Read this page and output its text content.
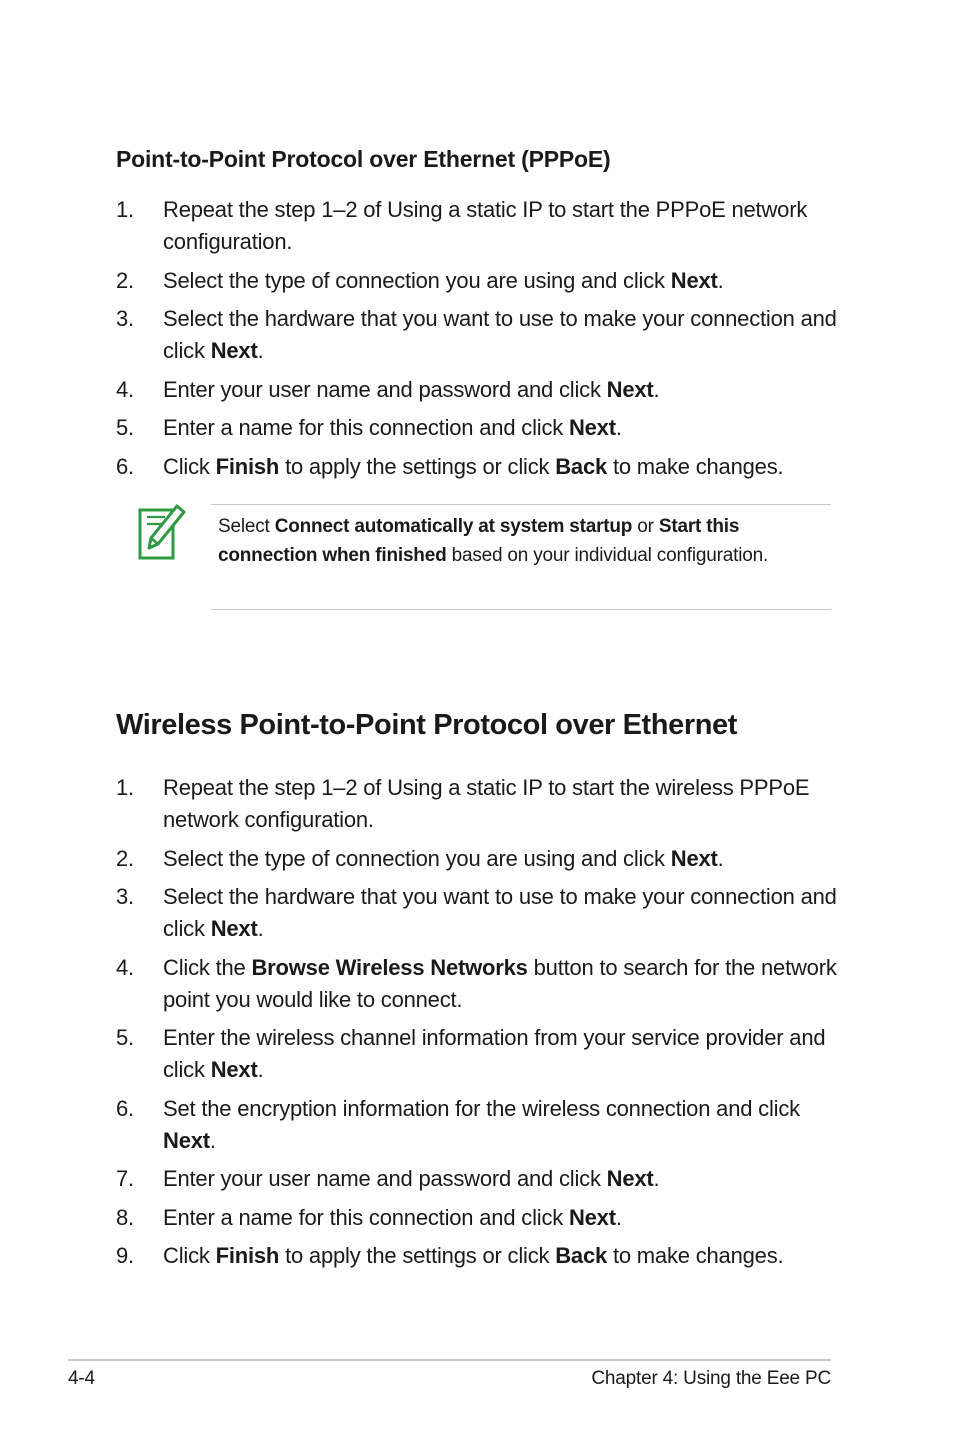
Point-to-Point Protocol over Ethernet (PPPoE)
1. Repeat the step 1–2 of Using a static IP to start the PPPoE network configuration.
2. Select the type of connection you are using and click Next.
3. Select the hardware that you want to use to make your connection and click Next.
4. Enter your user name and password and click Next.
5. Enter a name for this connection and click Next.
6. Click Finish to apply the settings or click Back to make changes.
Select Connect automatically at system startup or Start this connection when finished based on your individual configuration.
Wireless Point-to-Point Protocol over Ethernet
1. Repeat the step 1–2 of Using a static IP to start the wireless PPPoE network configuration.
2. Select the type of connection you are using and click Next.
3. Select the hardware that you want to use to make your connection and click Next.
4. Click the Browse Wireless Networks button to search for the network point you would like to connect.
5. Enter the wireless channel information from your service provider and click Next.
6. Set the encryption information for the wireless connection and click Next.
7. Enter your user name and password and click Next.
8. Enter a name for this connection and click Next.
9. Click Finish to apply the settings or click Back to make changes.
4-4	Chapter 4: Using the Eee PC
